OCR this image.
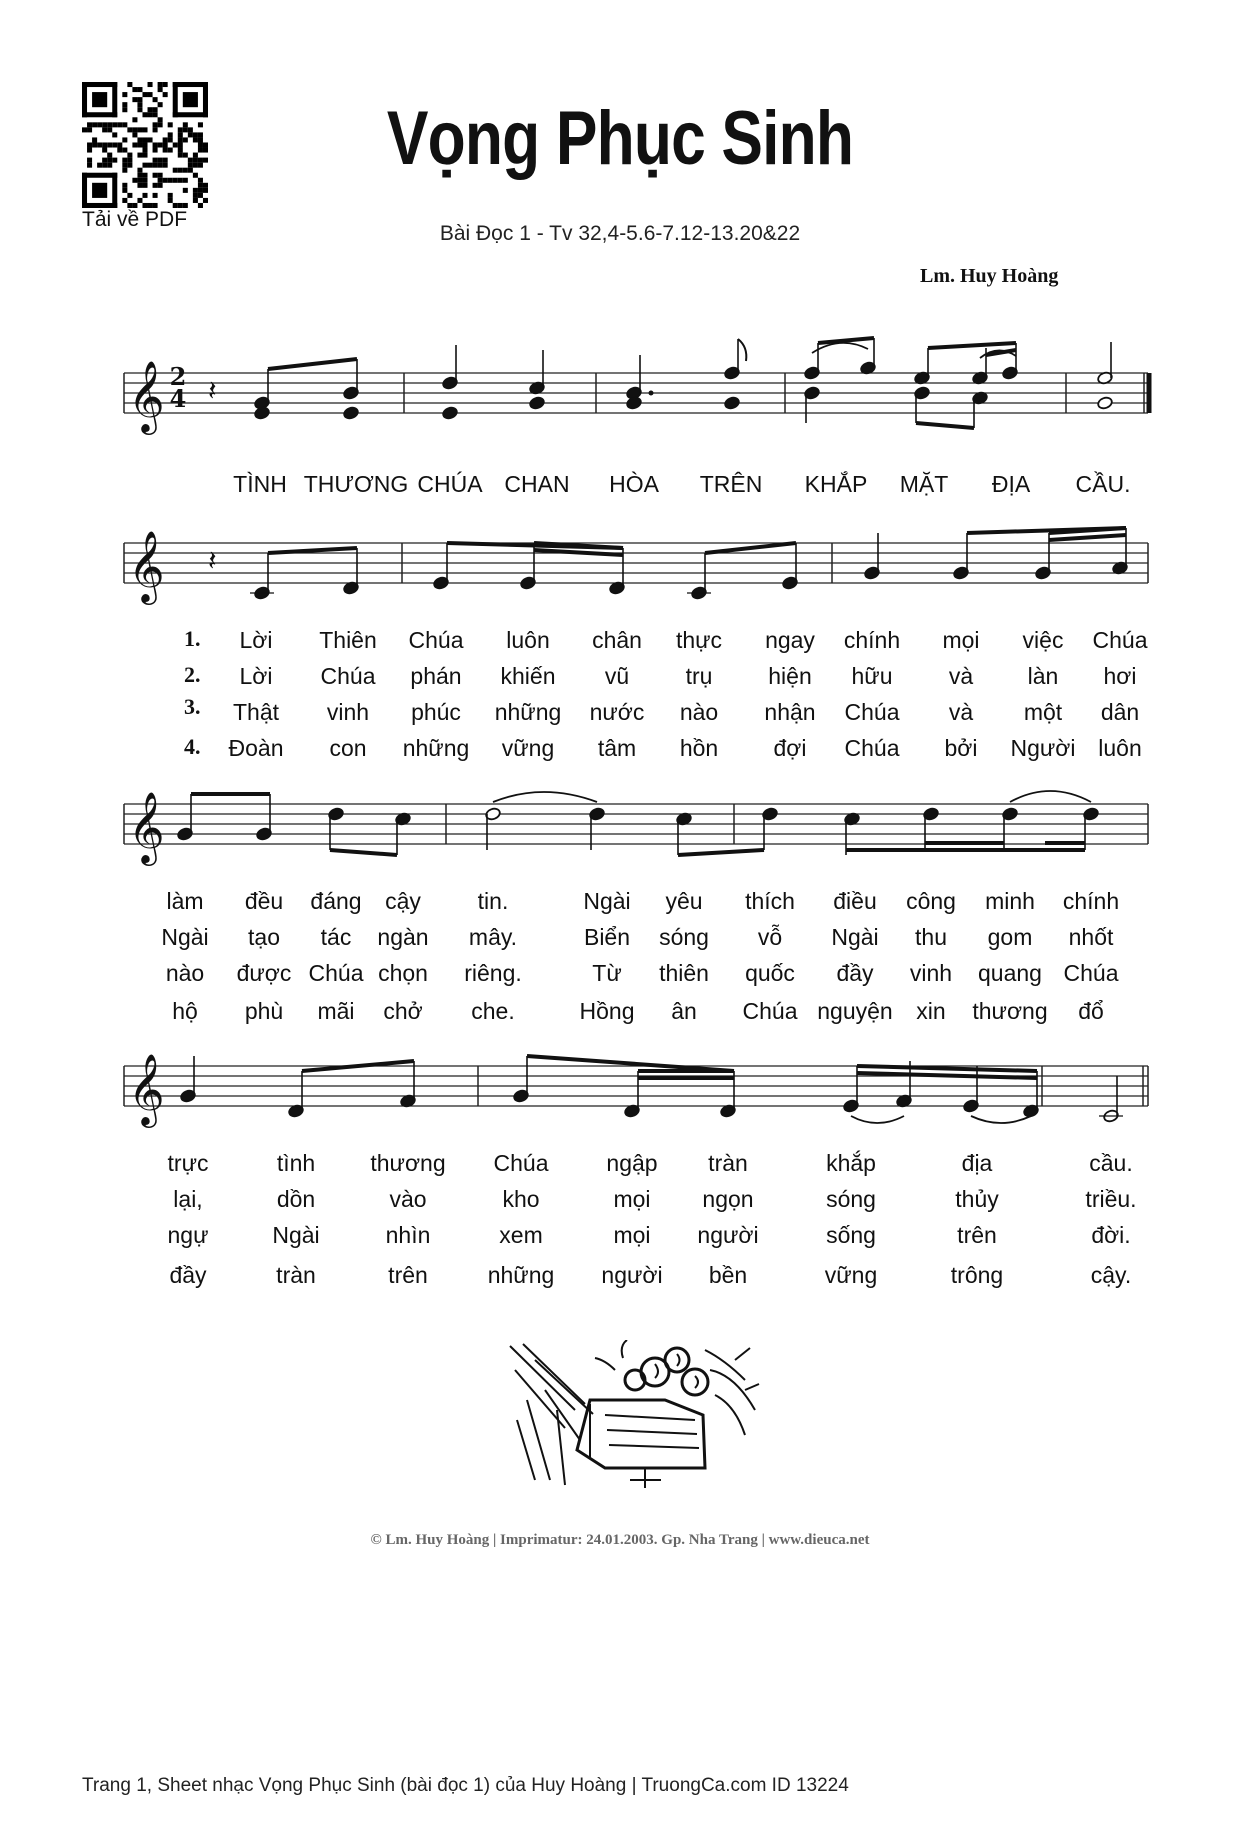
Vọng Phục Sinh
Bài Đọc 1 - Tv 32,4-5.6-7.12-13.20&22
Lm. Huy Hoàng
Tải về PDF
𝄞
𝄞
𝄞
𝄞
𝄽
𝄽
2
4
TÌNH THƯƠNG CHÚA CHAN HÒA TRÊN KHẮP MẶT ĐỊA CẦU.
1.
2.
3.
4.
Lời Thiên Chúa luôn chân thực ngay chính mọi việc Chúa
Lời Chúa phán khiến vũ trụ hiện hữu và làn hơi
Thật vinh phúc những nước nào nhận Chúa và một dân
Đoàn con những vững tâm hồn đợi Chúa bởi Người luôn
làm đều đáng cậy tin.	Ngài yêu thích điều công minh chính
Ngài tạo tác ngàn mây.	Biển sóng vỗ Ngài thu gom nhốt
nào được Chúa chọn riêng.	Từ thiên quốc đầy vinh quang Chúa
hộ phù mãi chở che.	Hồng ân Chúa nguyện xin thương đổ
trực	tình thương Chúa	ngập tràn	khắp	địa	cầu.
lại,	dồn	vào	kho	mọi ngọn	sóng	thủy	triều.
ngự	Ngài	nhìn	xem	mọi người	sống	trên	đời.
đầy	tràn	trên	những người bền	vững	trông	cậy.
© Lm. Huy Hoàng | Imprimatur: 24.01.2003. Gp. Nha Trang | www.dieuca.net
Trang 1, Sheet nhạc Vọng Phục Sinh (bài đọc 1) của Huy Hoàng | TruongCa.com ID 13224
